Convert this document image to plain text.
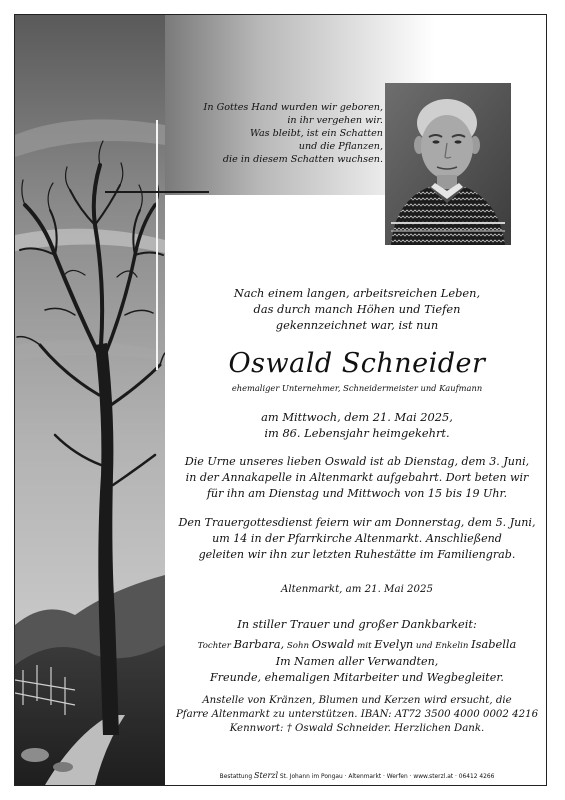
In Gottes Hand wurden wir geboren,
in ihr vergehen wir.
Was bleibt, ist ein Schatten
und die Pflanzen,
die in diesem Schatten wuchsen.
Nach einem langen, arbeitsreichen Leben,
das durch manch Höhen und Tiefen
gekennzeichnet war, ist nun
Oswald Schneider
ehemaliger Unternehmer, Schneidermeister und Kaufmann
am Mittwoch, dem 21. Mai 2025,
im 86. Lebensjahr heimgekehrt.
Die Urne unseres lieben Oswald ist ab Dienstag, dem 3. Juni,
in der Annakapelle in Altenmarkt aufgebahrt. Dort beten wir
für ihn am Dienstag und Mittwoch von 15 bis 19 Uhr.
Den Trauergottesdienst feiern wir am Donnerstag, dem 5. Juni,
um 14 in der Pfarrkirche Altenmarkt. Anschließend
geleiten wir ihn zur letzten Ruhestätte im Familiengrab.
Altenmarkt, am 21. Mai 2025
In stiller Trauer und großer Dankbarkeit:
Tochter Barbara, Sohn Oswald mit Evelyn und Enkelin Isabella
Im Namen aller Verwandten,
Freunde, ehemaligen Mitarbeiter und Wegbegleiter.
Anstelle von Kränzen, Blumen und Kerzen wird ersucht, die
Pfarre Altenmarkt zu unterstützen. IBAN: AT72 3500 4000 0002 4216
Kennwort: † Oswald Schneider. Herzlichen Dank.
Bestattung Sterzl St. Johann im Pongau · Altenmarkt · Werfen · www.sterzl.at · 06412 4266
